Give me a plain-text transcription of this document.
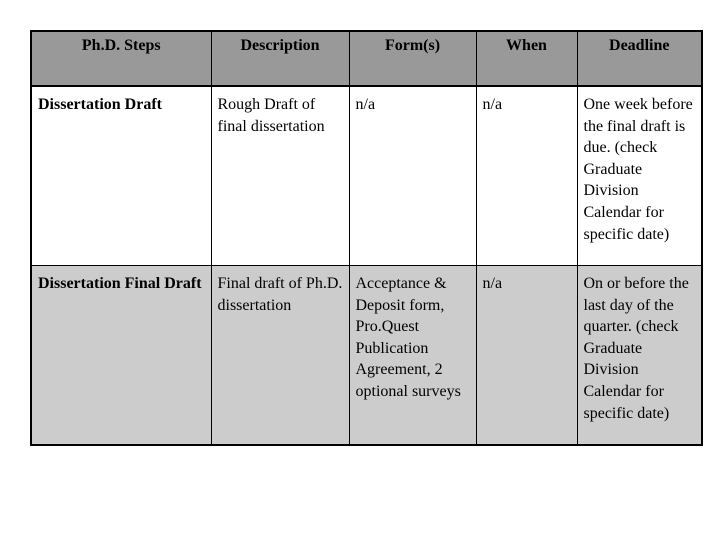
Ph.D. Steps	Description	Form(s)	When	Deadline
Dissertation Draft	Rough Draft of final dissertation	n/a	n/a	One week before the final draft is due. (check Graduate Division Calendar for specific date)
Dissertation Final Draft	Final draft of Ph.D. dissertation	Acceptance & Deposit form, Pro.Quest Publication Agreement, 2 optional surveys	n/a	On or before the last day of the quarter. (check Graduate Division Calendar for specific date)
